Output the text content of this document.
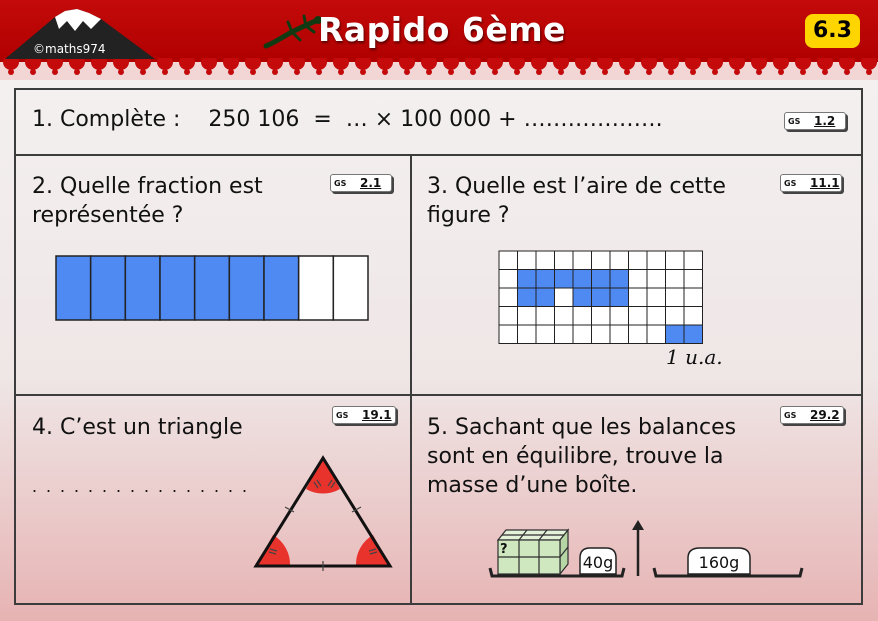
©maths974	Rapido 6ème	6.3
1. Complète :    250 106  =  … × 100 000 + ……………….	GS	1.2
2. Quelle fraction est
représentée ?
GS	2.1 3. Quelle est l’aire de cette
figure ?
GS	11.1
1 u.a.
4. C’est un triangle	GS	19.1
. . . . . . . . . . . . . . . .
5. Sachant que les balances
sont en équilibre, trouve la
masse d’une boîte.
GS	29.2
?
40g	160g
